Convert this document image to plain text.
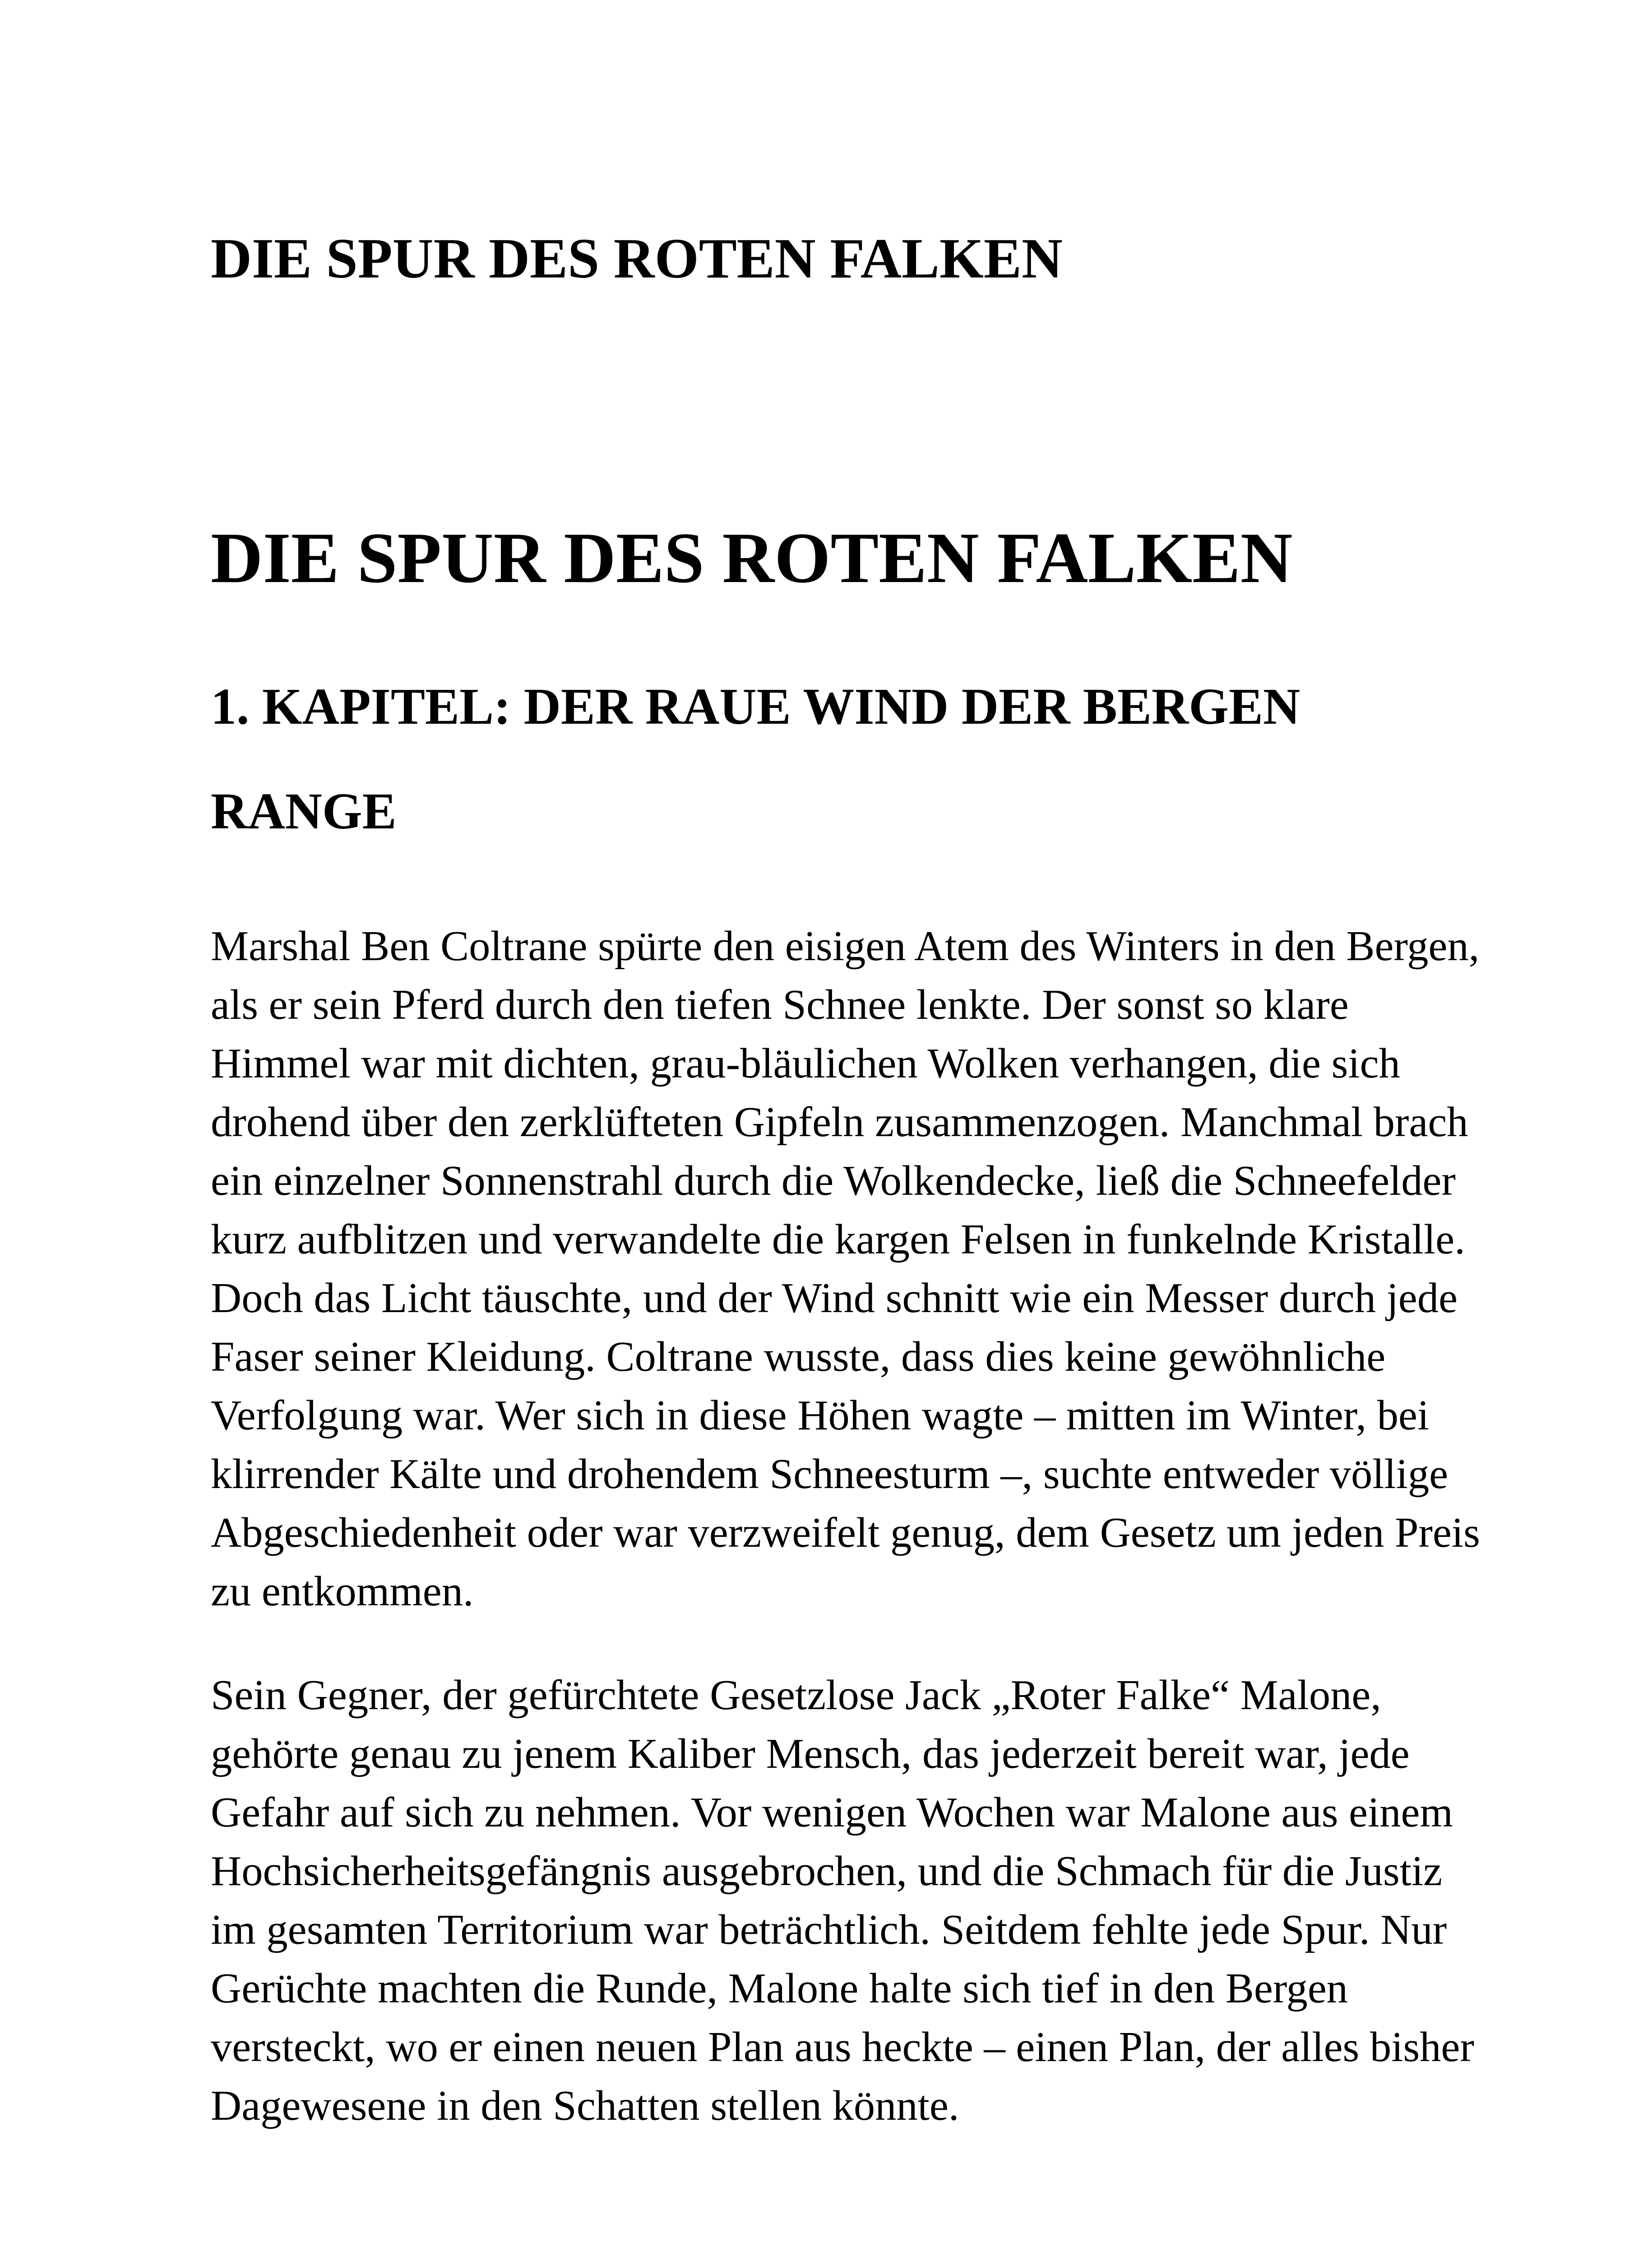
DIE SPUR DES ROTEN FALKEN
DIE SPUR DES ROTEN FALKEN
1. KAPITEL: DER RAUE WIND DER BERGEN RANGE

Marshal Ben Coltrane spürte den eisigen Atem des Winters in den Bergen, als er sein Pferd durch den tiefen Schnee lenkte. Der sonst so klare Himmel war mit dichten, grau-bläulichen Wolken verhangen, die sich drohend über den zerklüfteten Gipfeln zusammenzogen. Manchmal brach ein einzelner Sonnenstrahl durch die Wolkendecke, ließ die Schneefelder kurz aufblitzen und verwandelte die kargen Felsen in funkelnde Kristalle. Doch das Licht täuschte, und der Wind schnitt wie ein Messer durch jede Faser seiner Kleidung. Coltrane wusste, dass dies keine gewöhnliche Verfolgung war. Wer sich in diese Höhen wagte – mitten im Winter, bei klirrender Kälte und drohendem Schneesturm –, suchte entweder völlige Abgeschiedenheit oder war verzweifelt genug, dem Gesetz um jeden Preis zu entkommen.

Sein Gegner, der gefürchtete Gesetzlose Jack „Roter Falke“ Malone, gehörte genau zu jenem Kaliber Mensch, das jederzeit bereit war, jede Gefahr auf sich zu nehmen. Vor wenigen Wochen war Malone aus einem Hochsicherheitsgefängnis ausgebrochen, und die Schmach für die Justiz im gesamten Territorium war beträchtlich. Seitdem fehlte jede Spur. Nur Gerüchte machten die Runde, Malone halte sich tief in den Bergen versteckt, wo er einen neuen Plan aus heckte – einen Plan, der alles bisher Dagewesene in den Schatten stellen könnte.
